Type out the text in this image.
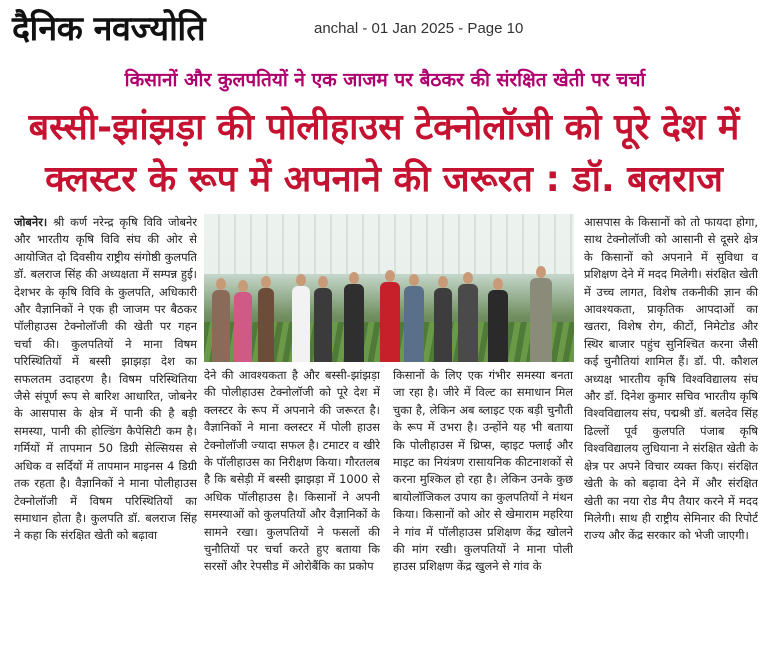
दैनिक नवज्योति	anchal - 01 Jan 2025 - Page 10
किसानों और कुलपतियों ने एक जाजम पर बैठकर की संरक्षित खेती पर चर्चा
बस्सी-झांझड़ा की पोलीहाउस टेक्नोलॉजी को पूरे देश में
क्लस्टर के रूप में अपनाने की जरूरत : डॉ. बलराज

जोबनेर। श्री कर्ण नरेन्द्र कृषि विवि जोबनेर और भारतीय कृषि विवि संघ की ओर से आयोजित दो दिवसीय राष्ट्रीय संगोष्ठी कुलपति डॉ. बलराज सिंह की अध्यक्षता में सम्पन्न हुई। देशभर के कृषि विवि के कुलपति, अधिकारी और वैज्ञानिकों ने एक ही जाजम पर बैठकर पॉलीहाउस टेक्नोलॉजी की खेती पर गहन चर्चा की। कुलपतियों ने माना विषम परिस्थितियों में बस्सी झाझड़ा देश का सफलतम उदाहरण है। विषम परिस्थितिया जैसे संपूर्ण रूप से बारिश आधारित, जोबनेर के आसपास के क्षेत्र में पानी की है बड़ी समस्या, पानी की होल्डिंग कैपेसिटी कम है। गर्मियों में तापमान 50 डिग्री सेल्सियस से अधिक व सर्दियों में तापमान माइनस 4 डिग्री तक रहता है। वैज्ञानिकों ने माना पोलीहाउस टेक्नोलॉजी में विषम परिस्थितियों का समाधान होता है। कुलपति डॉ. बलराज सिंह ने कहा कि संरक्षित खेती को बढ़ावा

देने की आवश्यकता है और बस्सी-झांझड़ा की पोलीहाउस टेक्नोलॉजी को पूरे देश में क्लस्टर के रूप में अपनाने की जरूरत है। वैज्ञानिकों ने माना क्लस्टर में पोली हाउस टेक्नोलॉजी ज्यादा सफल है। टमाटर व खीरे के पॉलीहाउस का निरीक्षण किया। गौरतलब है कि बसेड़ी में बस्सी झाझड़ा में 1000 से अधिक पॉलीहाउस है। किसानों ने अपनी समस्याओं को कुलपतियों और वैज्ञानिकों के सामने रखा। कुलपतियों ने फसलों की चुनौतियों पर चर्चा करते हुए बताया कि सरसों और रेपसीड में ओरोबैंकि का प्रकोप
किसानों के लिए एक गंभीर समस्या बनता जा रहा है। जीरे में विल्ट का समाधान मिल चुका है, लेकिन अब ब्लाइट एक बड़ी चुनौती के रूप में उभरा है। उन्होंने यह भी बताया कि पोलीहाउस में थ्रिप्स, व्हाइट फ्लाई और माइट का नियंत्रण रासायनिक कीटनाशकों से करना मुश्किल हो रहा है। लेकिन उनके कुछ बायोलॉजिकल उपाय का कुलपतियों ने मंथन किया। किसानों को ओर से खेमाराम महरिया ने गांव में पॉलीहाउस प्रशिक्षण केंद्र खोलने की मांग रखी। कुलपतियों ने माना पोली हाउस प्रशिक्षण केंद्र खुलने से गांव के
आसपास के किसानों को तो फायदा होगा, साथ टेक्नोलॉजी को आसानी से दूसरे क्षेत्र के किसानों को अपनाने में सुविधा व प्रशिक्षण देने में मदद मिलेगी। संरक्षित खेती में उच्च लागत, विशेष तकनीकी ज्ञान की आवश्यकता, प्राकृतिक आपदाओं का खतरा, विशेष रोग, कीटों, निमेटोड और स्थिर बाजार पहुंच सुनिश्चित करना जैसी कई चुनौतियां शामिल हैं। डॉ. पी. कौशल अध्यक्ष भारतीय कृषि विश्वविद्यालय संघ और डॉ. दिनेश कुमार सचिव भारतीय कृषि विश्वविद्यालय संघ, पद्मश्री डॉ. बलदेव सिंह ढिल्लों पूर्व कुलपति पंजाब कृषि विश्वविद्यालय लुधियाना ने संरक्षित खेती के क्षेत्र पर अपने विचार व्यक्त किए। संरक्षित खेती के को बढ़ावा देने में और संरक्षित खेती का नया रोड मैप तैयार करने में मदद मिलेगी। साथ ही राष्ट्रीय सेमिनार की रिपोर्ट राज्य और केंद्र सरकार को भेजी जाएगी।
